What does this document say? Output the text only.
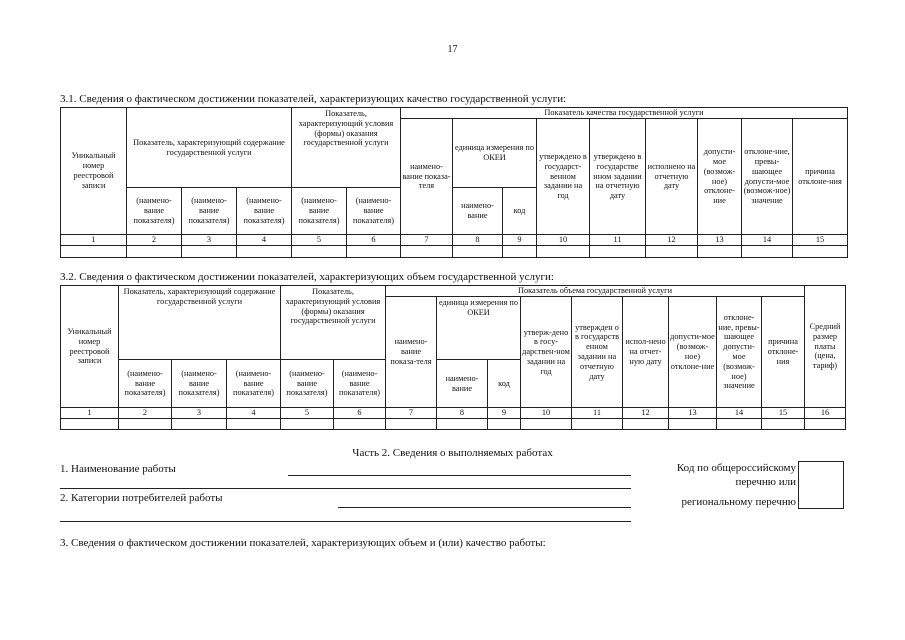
17
3.1. Сведения о фактическом достижении показателей, характеризующих качество государственной услуги:
Уникальный номер реестровой записи	Показатель, характеризующий содержание государственной услуги			Показатель, характеризующий условия (формы) оказания государственной услуги		Показатель качества государственной услуги								
						наимено-вание показа-теля	единица измерения по ОКЕИ		утверждено в государст-венном задании на год	утверждено в государстве нном задании на отчетную дату	исполнено на отчетную дату	допусти-мое (возмож-ное) отклоне-ние	отклоне-ние, превы-шающее допусти-мое (возмож-ное) значение	причина отклоне-ния
	(наимено-вание показателя)	(наимено-вание показателя)	(наимено-вание показателя)	(наимено-вание показателя)	(наимено-вание показателя)		наимено-вание	код						
1	2	3	4	5	6	7	8	9	10	11	12	13	14	15

3.2. Сведения о фактическом достижении показателей, характеризующих объем государственной услуги:
Уникальный номер реестровой записи	Показатель, характеризующий содержание государственной услуги			Показатель, характеризующий условия (формы) оказания государственной услуги		Показатель объема государственной услуги									Средний размер платы (цена, тариф)
						наимено-вание показа-теля	единица измерения по ОКЕИ		утверж-дено в госу-дарствен-ном задании на год	утвержден о в государств енном задании на отчетную дату	испол-нено на отчет-ную дату	допусти-мое (возмож-ное) отклоне-ние	отклоне-ние, превы-шающее допусти-мое (возмож-ное) значение	причина отклоне-ния	
	(наимено-вание показателя)	(наимено-вание показателя)	(наимено-вание показателя)	(наимено-вание показателя)	(наимено-вание показателя)		наимено-вание	код							
1	2	3	4	5	6	7	8	9	10	11	12	13	14	15	16

Часть 2. Сведения о выполняемых работах
1. Наименование работы
2. Категории потребителей работы
Код по общероссийскому
перечню или
региональному перечню
3. Сведения о фактическом достижении показателей, характеризующих объем и (или) качество работы:
